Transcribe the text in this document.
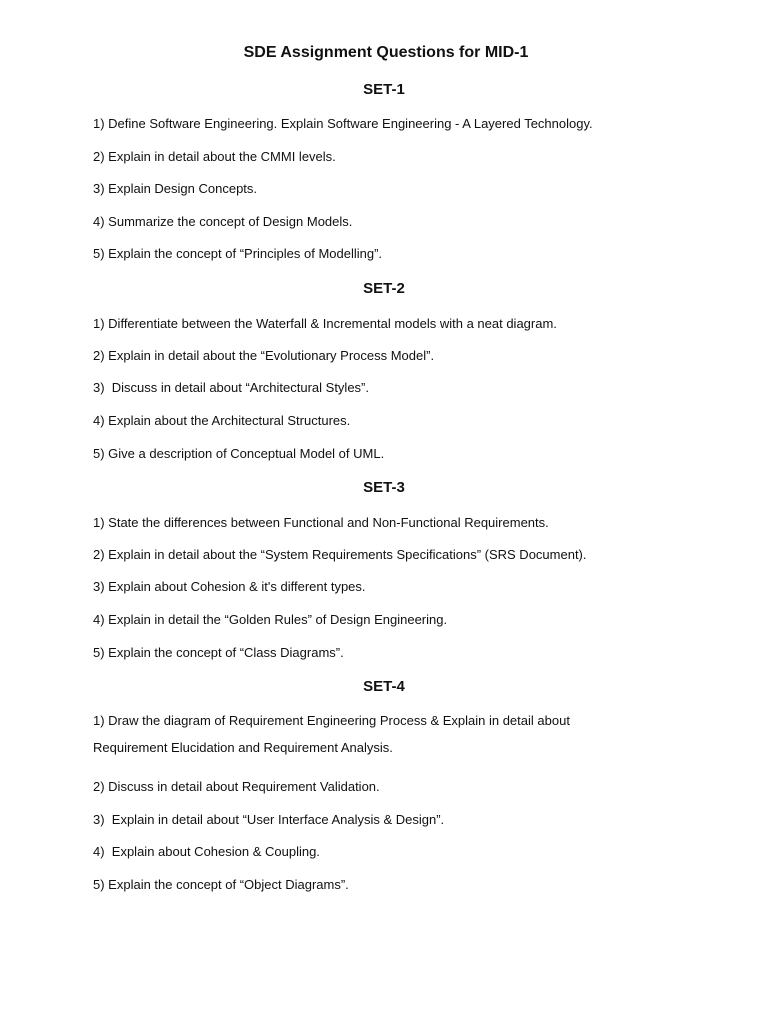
SDE Assignment Questions for MID-1
SET-1
1) Define Software Engineering. Explain Software Engineering - A Layered Technology.
2) Explain in detail about the CMMI levels.
3) Explain Design Concepts.
4) Summarize the concept of Design Models.
5) Explain the concept of “Principles of Modelling”.
SET-2
1) Differentiate between the Waterfall & Incremental models with a neat diagram.
2) Explain in detail about the “Evolutionary Process Model”.
3)  Discuss in detail about “Architectural Styles”.
4) Explain about the Architectural Structures.
5) Give a description of Conceptual Model of UML.
SET-3
1) State the differences between Functional and Non-Functional Requirements.
2) Explain in detail about the “System Requirements Specifications” (SRS Document).
3) Explain about Cohesion & it's different types.
4) Explain in detail the “Golden Rules” of Design Engineering.
5) Explain the concept of “Class Diagrams”.
SET-4
1) Draw the diagram of Requirement Engineering Process & Explain in detail about Requirement Elucidation and Requirement Analysis.
2) Discuss in detail about Requirement Validation.
3)  Explain in detail about “User Interface Analysis & Design”.
4)  Explain about Cohesion & Coupling.
5) Explain the concept of “Object Diagrams”.
